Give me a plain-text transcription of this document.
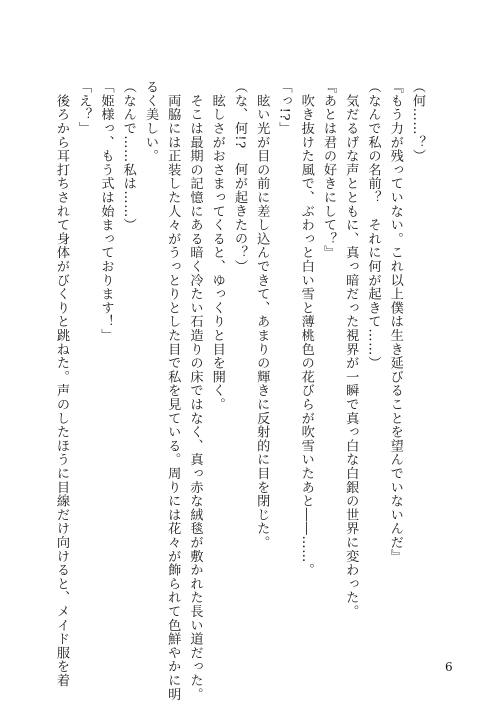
（何……？）
『もう力が残っていない。これ以上僕は生き延びることを望んでいないんだ』
（なんで私の名前？　それに何が起きて……）
　気だるげな声とともに、真っ暗だった視界が一瞬で真っ白な白銀の世界に変わった。
『あとは君の好きにして？』
　吹き抜けた風で、ぶわっと白い雪と薄桃色の花びらが吹雪いたあと――……。
「っ!?」
　眩い光が目の前に差し込んできて、あまりの輝きに反射的に目を閉じた。
（な、何!?　何が起きたの？）
　眩しさがおさまってくると、ゆっくりと目を開く。
　そこは最期の記憶にある暗く冷たい石造りの床ではなく、真っ赤な絨毯が敷かれた長い道だった。
　両脇には正装した人々がうっとりとした目で私を見ている。周りには花々が飾られて色鮮やかに明
るく美しい。
（なんで……私は……）
「姫様っ、もう式は始まっております！」
「え？」
　後ろから耳打ちされて身体がびくりと跳ねた。声のしたほうに目線だけ向けると、メイド服を着	6
